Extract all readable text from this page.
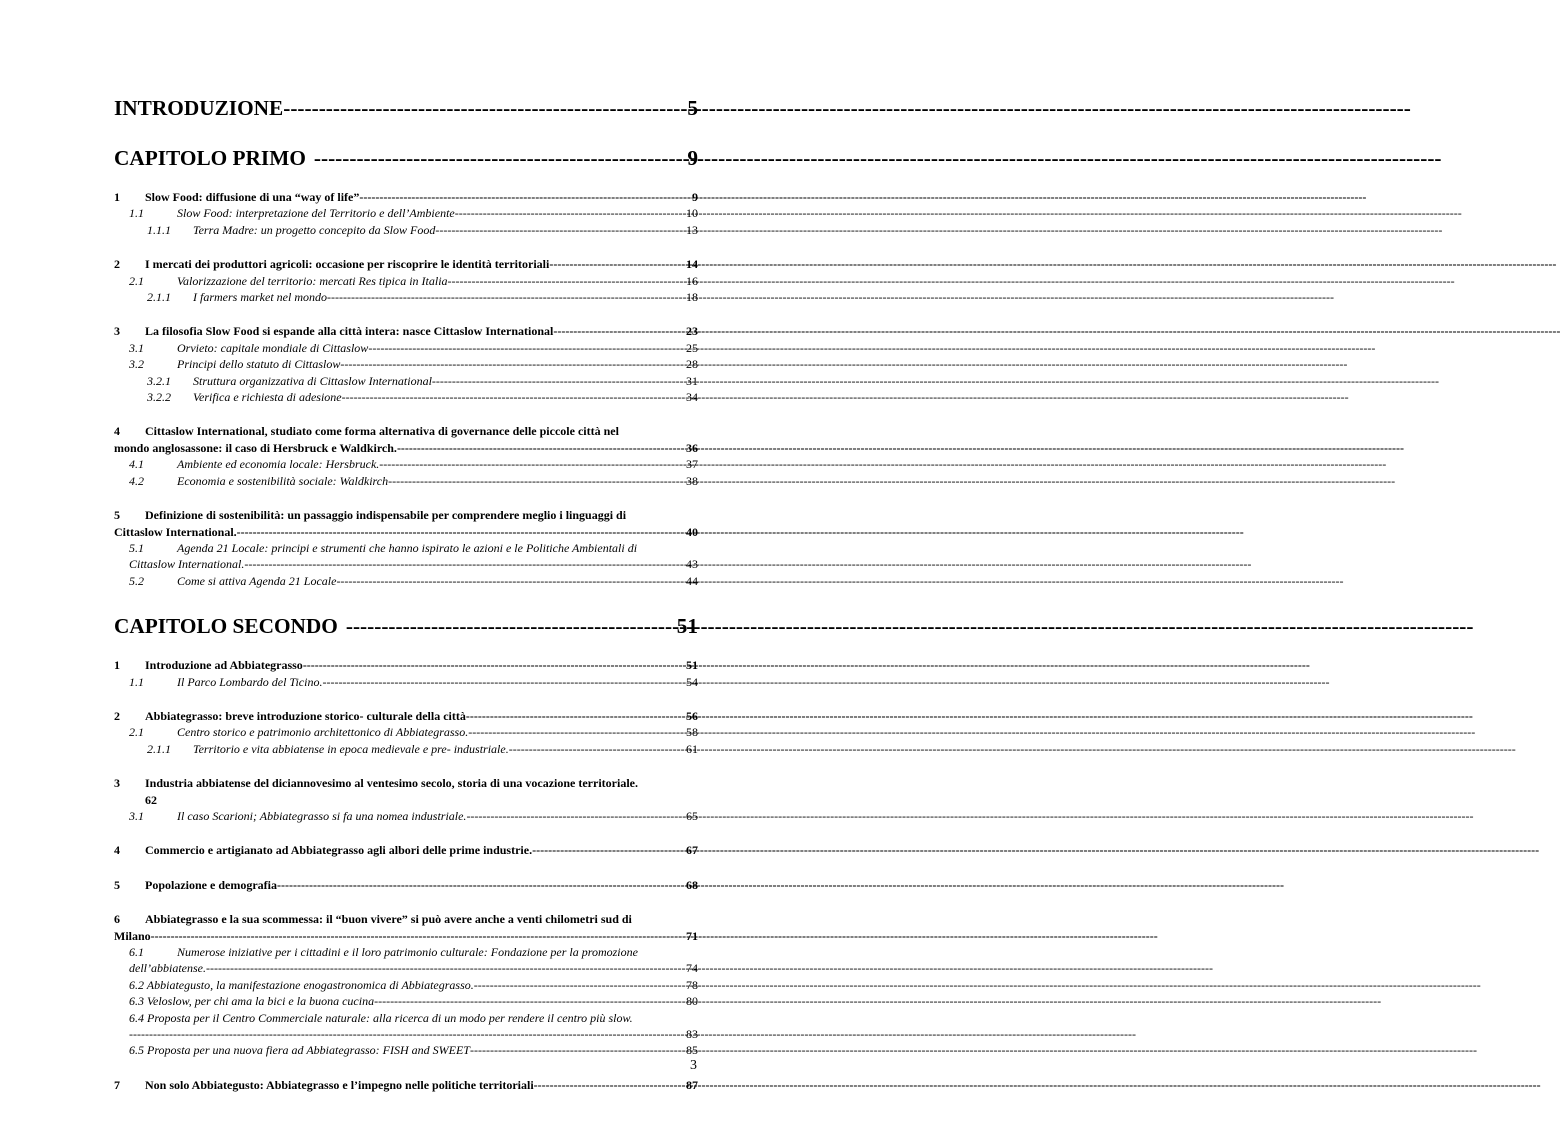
INTRODUZIONE -----	5
CAPITOLO PRIMO -----	9
1	Slow Food: diffusione di una “way of life” -----	9
1.1	Slow Food: interpretazione del Territorio e dell’Ambiente -----	10
1.1.1	Terra Madre: un progetto concepito da Slow Food -----	13
2	I mercati dei produttori agricoli: occasione per riscoprire le identità territoriali -----	14
2.1	Valorizzazione del territorio: mercati Res tipica in Italia -----	16
2.1.1	I farmers market nel mondo -----	18
3	La filosofia Slow Food si espande alla città intera: nasce Cittaslow International -----	23
3.1	Orvieto: capitale mondiale di Cittaslow -----	25
3.2	Principi dello statuto di Cittaslow -----	28
3.2.1	Struttura organizzativa di Cittaslow International -----	31
3.2.2	Verifica e richiesta di adesione -----	34
4	Cittaslow International, studiato come forma alternativa di governance delle piccole città nel
mondo anglosassone: il caso di Hersbruck e Waldkirch. -----	36
4.1	Ambiente ed economia locale: Hersbruck. -----	37
4.2	Economia e sostenibilità sociale: Waldkirch -----	38
5	Definizione di sostenibilità: un passaggio indispensabile per comprendere meglio i linguaggi di
Cittaslow International. -----	40
5.1	Agenda 21 Locale: principi e strumenti che hanno ispirato le azioni e le Politiche Ambientali di
Cittaslow International. -----	43
5.2	Come si attiva Agenda 21 Locale -----	44
CAPITOLO SECONDO -----	51
1	Introduzione ad Abbiategrasso -----	51
1.1	Il Parco Lombardo del Ticino. -----	54
2	Abbiategrasso: breve introduzione storico- culturale della città -----	56
2.1	Centro storico e patrimonio architettonico di Abbiategrasso. -----	58
2.1.1	Territorio e vita abbiatense in epoca medievale e pre- industriale. -----	61
3	Industria abbiatense del diciannovesimo al ventesimo secolo, storia di una vocazione territoriale.
62
3.1	Il caso Scarioni; Abbiategrasso si fa una nomea industriale. -----	65
4	Commercio e artigianato ad Abbiategrasso agli albori delle prime industrie. -----	67
5	Popolazione e demografia -----	68
6	Abbiategrasso e la sua scommessa: il “buon vivere” si può avere anche a venti chilometri sud di
Milano -----	71
6.1	Numerose iniziative per i cittadini e il loro patrimonio culturale: Fondazione per la promozione
dell’abbiatense. -----	74
6.2 Abbiategusto, la manifestazione enogastronomica di Abbiategrasso. -----	78
6.3 Veloslow, per chi ama la bici e la buona cucina -----	80
6.4 Proposta per il Centro Commerciale naturale: alla ricerca di un modo per rendere il centro più slow.
-----
83
6.5 Proposta per una nuova fiera ad Abbiategrasso: FISH and SWEET -----	85
7	Non solo Abbiategusto: Abbiategrasso e l’impegno nelle politiche territoriali -----	87
3
